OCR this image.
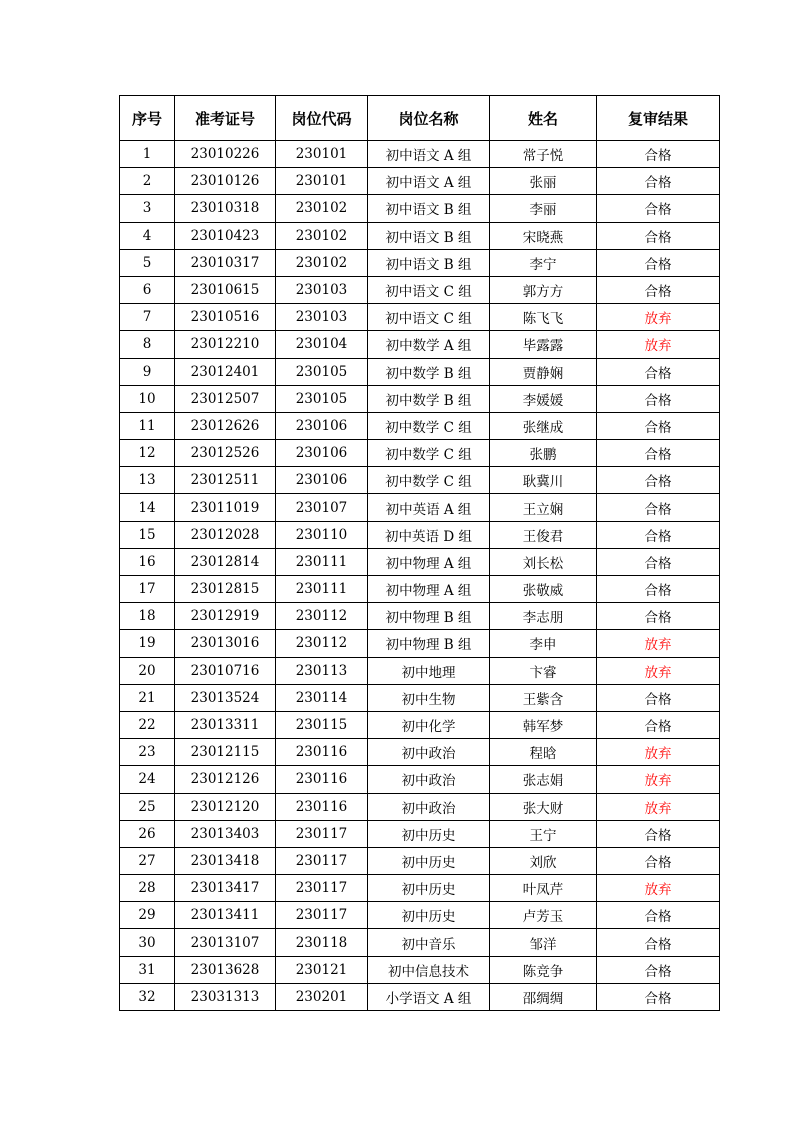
序号	准考证号	岗位代码	岗位名称	姓名	复审结果
1	23010226	230101	初中语文 A 组	常子悦	合格
2	23010126	230101	初中语文 A 组	张丽	合格
3	23010318	230102	初中语文 B 组	李丽	合格
4	23010423	230102	初中语文 B 组	宋晓燕	合格
5	23010317	230102	初中语文 B 组	李宁	合格
6	23010615	230103	初中语文 C 组	郭方方	合格
7	23010516	230103	初中语文 C 组	陈飞飞	放弃
8	23012210	230104	初中数学 A 组	毕露露	放弃
9	23012401	230105	初中数学 B 组	贾静娴	合格
10	23012507	230105	初中数学 B 组	李媛媛	合格
11	23012626	230106	初中数学 C 组	张继成	合格
12	23012526	230106	初中数学 C 组	张鹏	合格
13	23012511	230106	初中数学 C 组	耿冀川	合格
14	23011019	230107	初中英语 A 组	王立娴	合格
15	23012028	230110	初中英语 D 组	王俊君	合格
16	23012814	230111	初中物理 A 组	刘长松	合格
17	23012815	230111	初中物理 A 组	张敬威	合格
18	23012919	230112	初中物理 B 组	李志朋	合格
19	23013016	230112	初中物理 B 组	李申	放弃
20	23010716	230113	初中地理	卞睿	放弃
21	23013524	230114	初中生物	王紫含	合格
22	23013311	230115	初中化学	韩军梦	合格
23	23012115	230116	初中政治	程晗	放弃
24	23012126	230116	初中政治	张志娟	放弃
25	23012120	230116	初中政治	张大财	放弃
26	23013403	230117	初中历史	王宁	合格
27	23013418	230117	初中历史	刘欣	合格
28	23013417	230117	初中历史	叶凤芹	放弃
29	23013411	230117	初中历史	卢芳玉	合格
30	23013107	230118	初中音乐	邹洋	合格
31	23013628	230121	初中信息技术	陈竞争	合格
32	23031313	230201	小学语文 A 组	邵绸绸	合格
